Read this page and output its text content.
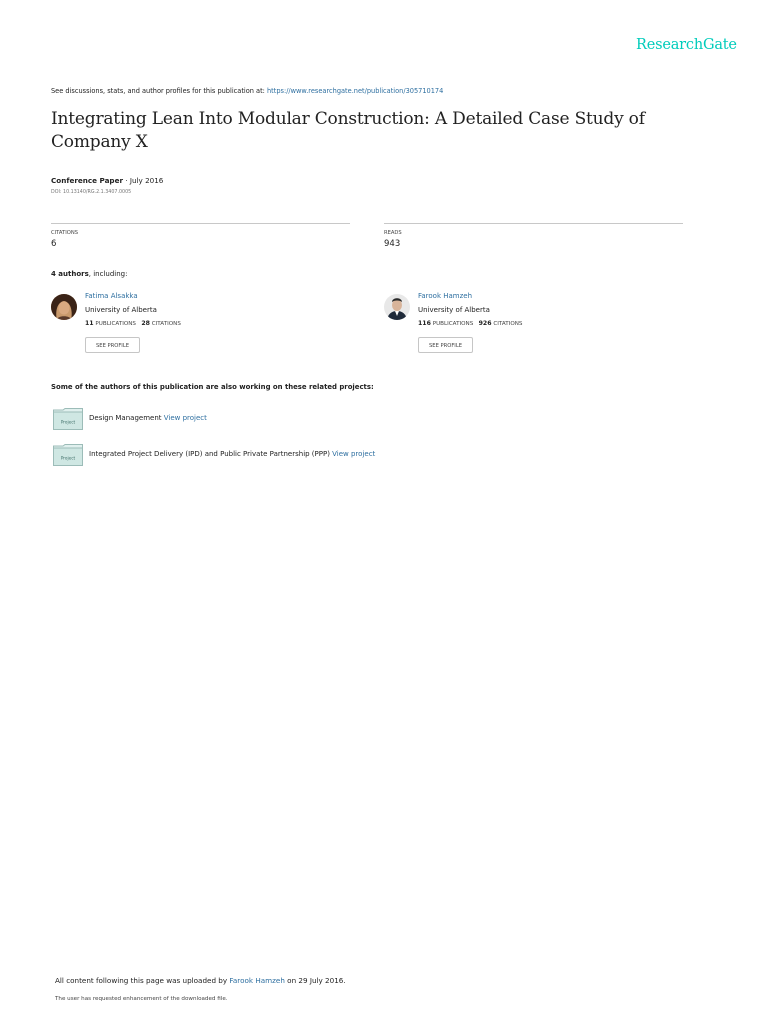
ResearchGate
See discussions, stats, and author profiles for this publication at: https://www.researchgate.net/publication/305710174
Integrating Lean Into Modular Construction: A Detailed Case Study of Company X
Conference Paper · July 2016
DOI: 10.13140/RG.2.1.3407.0005
CITATIONS
6
READS
943
4 authors, including:
Fatima Alsakka
University of Alberta
11 PUBLICATIONS 28 CITATIONS
SEE PROFILE
Farook Hamzeh
University of Alberta
116 PUBLICATIONS 926 CITATIONS
SEE PROFILE
Some of the authors of this publication are also working on these related projects:
Project Design Management View project
Project Integrated Project Delivery (IPD) and Public Private Partnership (PPP) View project
All content following this page was uploaded by Farook Hamzeh on 29 July 2016.
The user has requested enhancement of the downloaded file.
